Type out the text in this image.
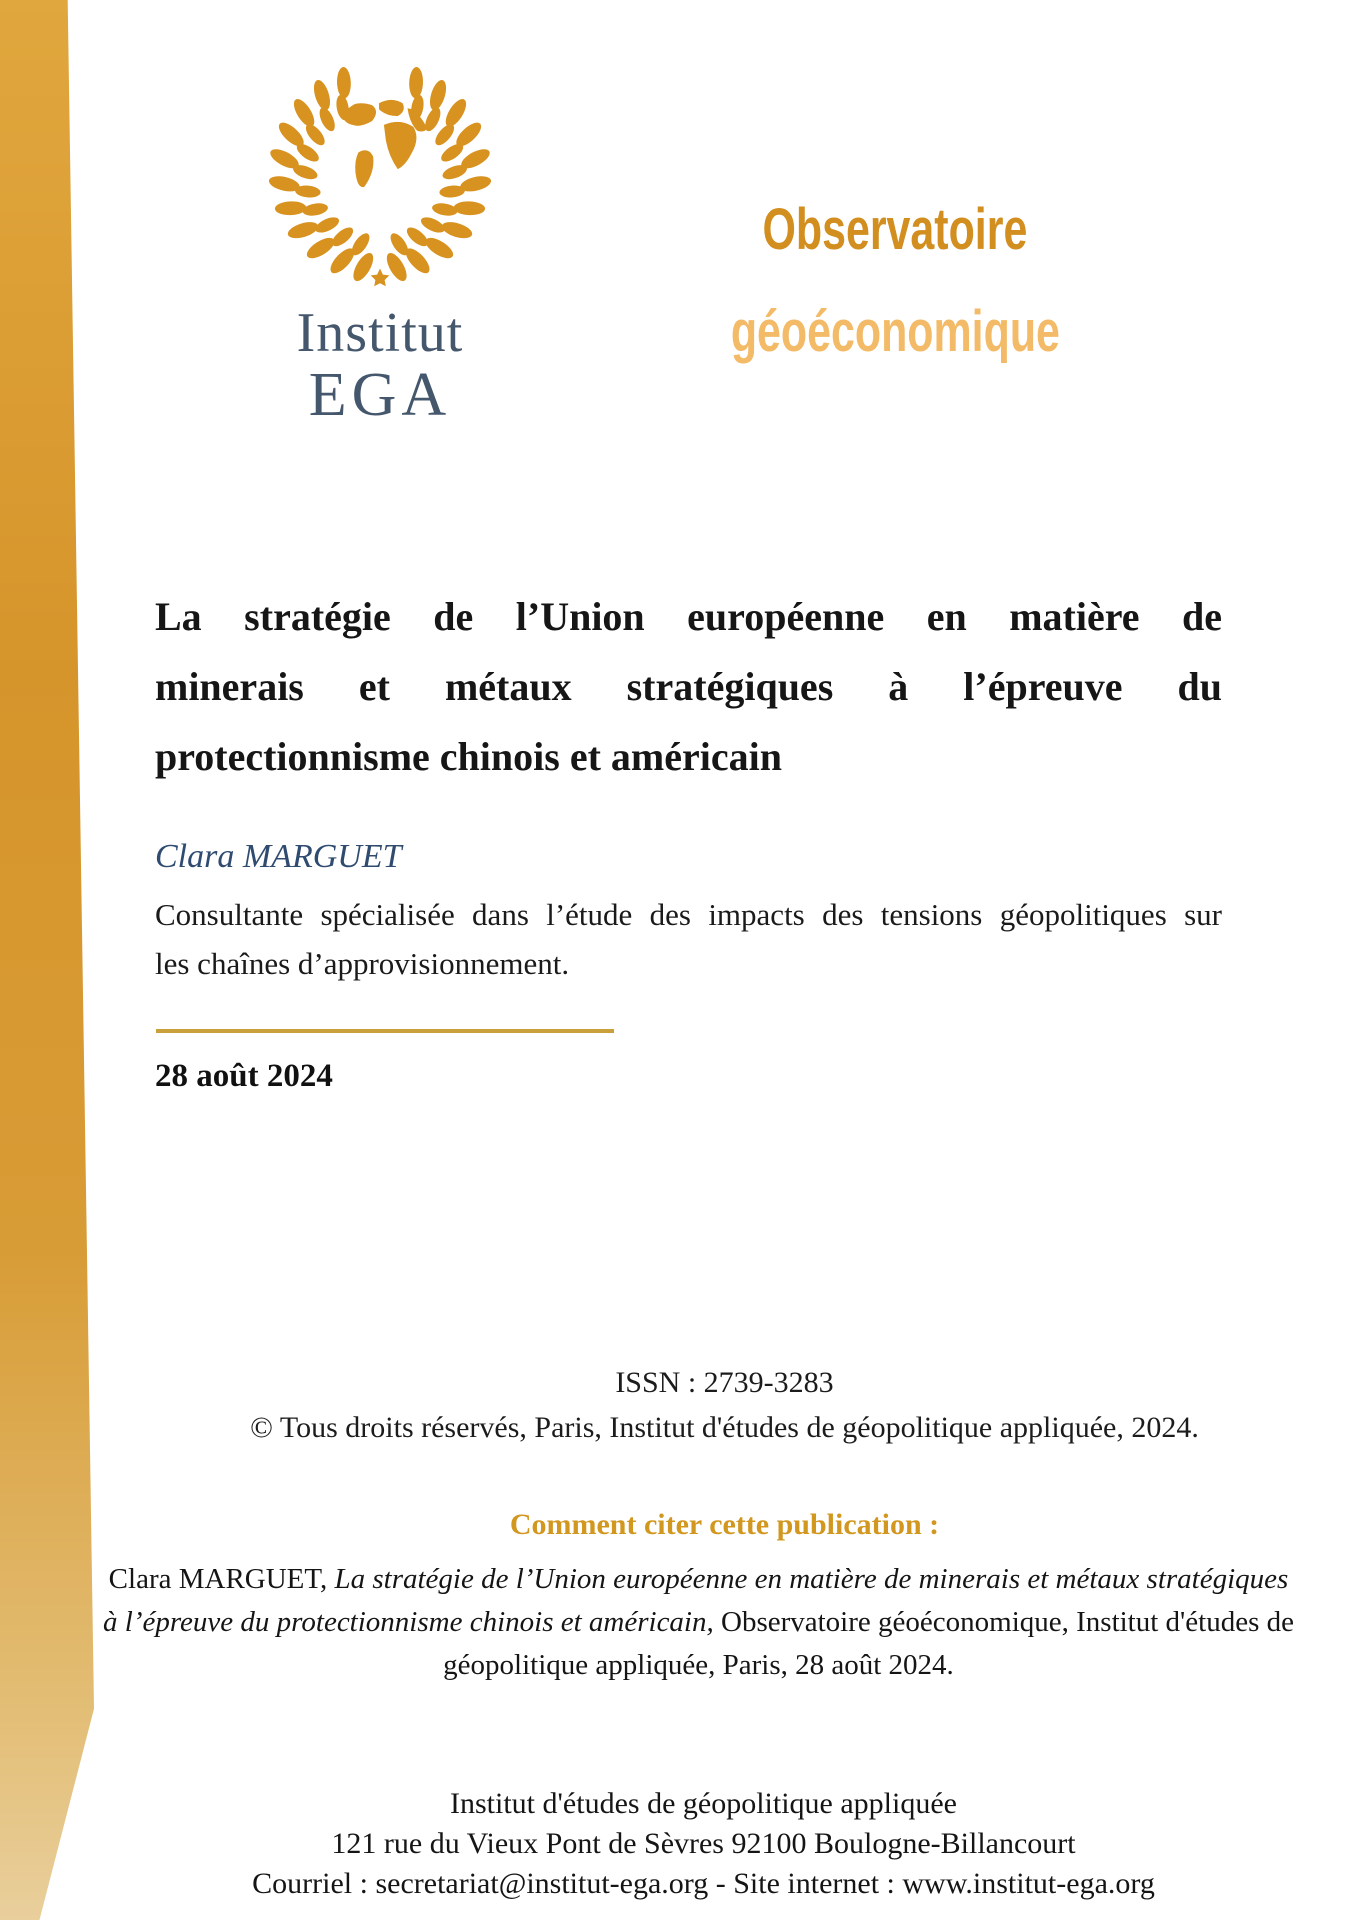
Institut
EGA
Observatoire
géoéconomique
La stratégie de l’Union européenne en matière de
minerais et métaux stratégiques à l’épreuve du
protectionnisme chinois et américain
Clara MARGUET
Consultante spécialisée dans l’étude des impacts des tensions géopolitiques sur
les chaînes d’approvisionnement.
28 août 2024
ISSN : 2739-3283
© Tous droits réservés, Paris, Institut d'études de géopolitique appliquée, 2024.
Comment citer cette publication :
Clara MARGUET, La stratégie de l’Union européenne en matière de minerais et métaux stratégiques
à l’épreuve du protectionnisme chinois et américain, Observatoire géoéconomique, Institut d'études de
géopolitique appliquée, Paris, 28 août 2024.
Institut d'études de géopolitique appliquée
121 rue du Vieux Pont de Sèvres 92100 Boulogne-Billancourt
Courriel : secretariat@institut-ega.org - Site internet : www.institut-ega.org
